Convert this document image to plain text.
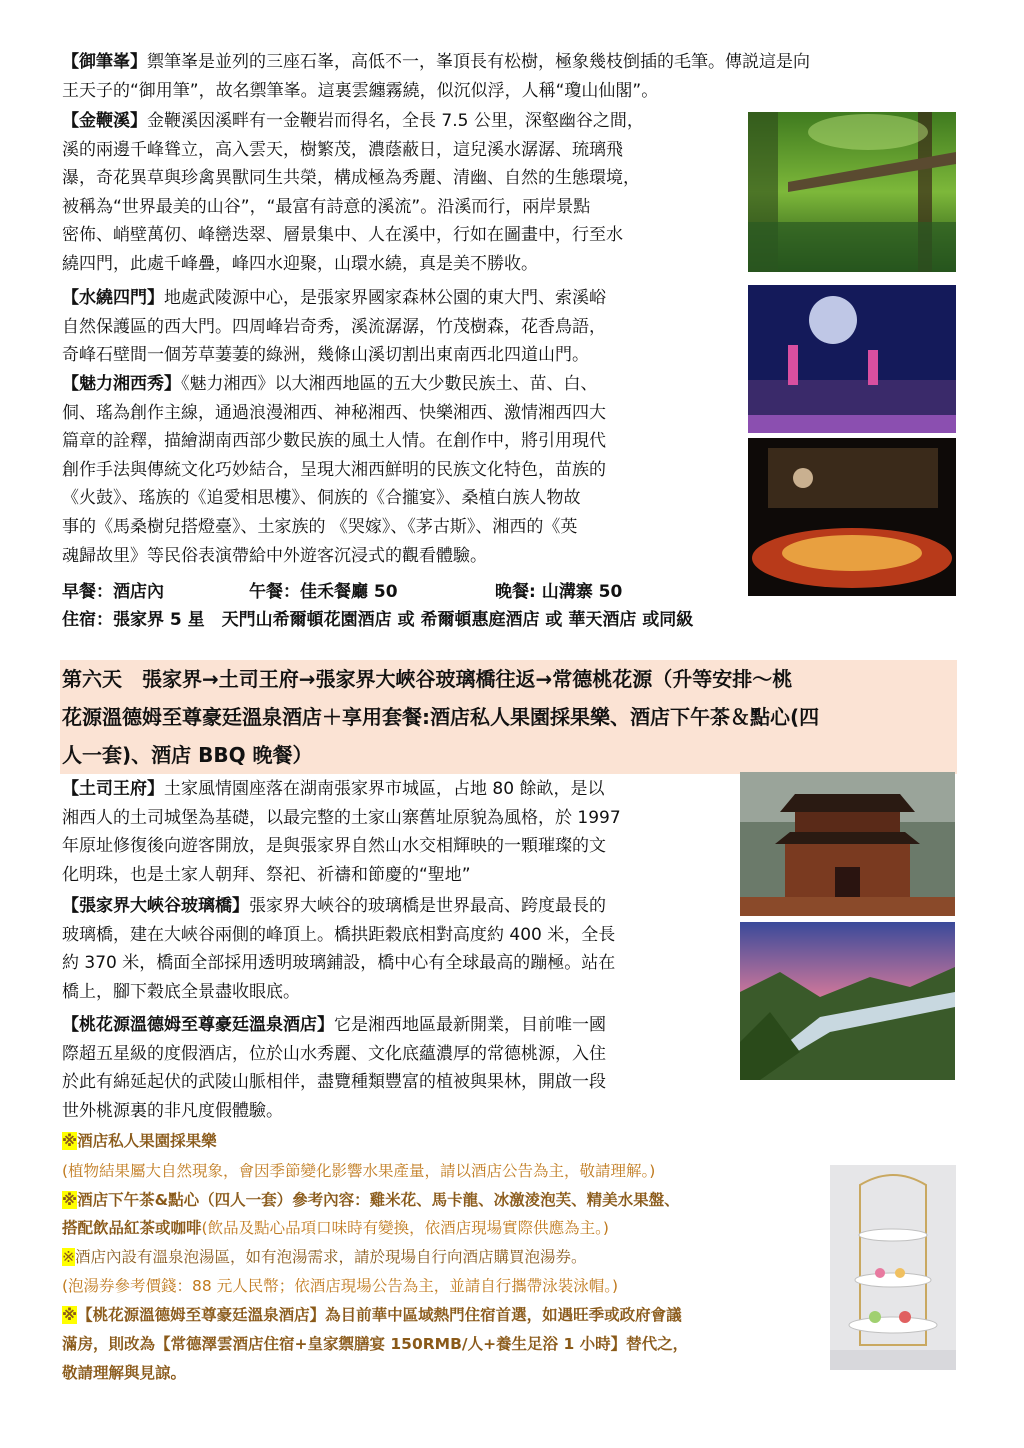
【御筆峯】禦筆峯是並列的三座石峯，高低不一，峯頂長有松樹，極象幾枝倒插的毛筆。傳説這是向
王天子的“御用筆”，故名禦筆峯。這裏雲纏霧繞，似沉似浮，人稱“瓊山仙閣”。
【金鞭溪】金鞭溪因溪畔有一金鞭岩而得名，全長 7.5 公里，深壑幽谷之間，
溪的兩邊千峰聳立，高入雲天，樹繁茂，濃蔭蔽日，這兒溪水潺潺、琉璃飛
瀑，奇花異草與珍禽異獸同生共榮，構成極為秀麗、清幽、自然的生態環境，
被稱為“世界最美的山谷”，“最富有詩意的溪流”。沿溪而行，兩岸景點
密佈、峭壁萬仞、峰巒迭翠、層景集中、人在溪中，行如在圖畫中，行至水
繞四門，此處千峰疊，峰四水迎聚，山環水繞，真是美不勝收。
【水繞四門】地處武陵源中心，是張家界國家森林公園的東大門、索溪峪
自然保護區的西大門。四周峰岩奇秀，溪流潺潺，竹茂樹森，花香鳥語，
奇峰石壁間一個芳草萋萋的綠洲，幾條山溪切割出東南西北四道山門。
【魅力湘西秀】《魅力湘西》以大湘西地區的五大少數民族土、苗、白、
侗、瑤為創作主線，通過浪漫湘西、神秘湘西、快樂湘西、激情湘西四大
篇章的詮釋，描繪湖南西部少數民族的風土人情。在創作中，將引用現代
創作手法與傳統文化巧妙結合，呈現大湘西鮮明的民族文化特色，苗族的
《火鼓》、瑤族的《追愛相思樓》、侗族的《合攏宴》、桑植白族人物故
事的《馬桑樹兒搭燈臺》、土家族的 《哭嫁》、《茅古斯》、湘西的《英
魂歸故里》等民俗表演帶給中外遊客沉浸式的觀看體驗。
早餐：酒店內	午餐：佳禾餐廳 50	晚餐: 山溝寨 50
住宿：張家界 5 星　天門山希爾頓花園酒店 或 希爾頓惠庭酒店 或 華天酒店 或同級
第六天　張家界→土司王府→張家界大峽谷玻璃橋往返→常德桃花源（升等安排～桃
花源溫德姆至尊豪廷溫泉酒店＋享用套餐:酒店私人果園採果樂、酒店下午茶＆點心(四
人一套)、酒店 BBQ 晚餐）
【土司王府】土家風情園座落在湖南張家界市城區，占地 80 餘畝，是以
湘西人的土司城堡為基礎，以最完整的土家山寨舊址原貌為風格，於 1997
年原址修復後向遊客開放，是與張家界自然山水交相輝映的一顆璀璨的文
化明珠，也是土家人朝拜、祭祀、祈禱和節慶的“聖地”
【張家界大峽谷玻璃橋】張家界大峽谷的玻璃橋是世界最高、跨度最長的
玻璃橋，建在大峽谷兩側的峰頂上。橋拱距穀底相對高度約 400 米，全長
約 370 米，橋面全部採用透明玻璃鋪設，橋中心有全球最高的蹦極。站在
橋上，腳下穀底全景盡收眼底。
【桃花源溫德姆至尊豪廷溫泉酒店】它是湘西地區最新開業，目前唯一國
際超五星級的度假酒店，位於山水秀麗、文化底蘊濃厚的常德桃源，入住
於此有綿延起伏的武陵山脈相伴，盡覽種類豐富的植被與果林，開啟一段
世外桃源裏的非凡度假體驗。
※酒店私人果園採果樂
(植物結果屬大自然現象，會因季節變化影響水果產量，請以酒店公告為主，敬請理解。)
※酒店下午茶&點心（四人一套）參考內容：雞米花、馬卡龍、冰激淩泡芙、精美水果盤、
搭配飲品紅茶或咖啡(飲品及點心品項口味時有變換，依酒店現場實際供應為主。)
※酒店內設有溫泉泡湯區，如有泡湯需求，請於現場自行向酒店購買泡湯券。
(泡湯券參考價錢：88 元人民幣；依酒店現場公告為主，並請自行攜帶泳裝泳帽。)
※【桃花源溫德姆至尊豪廷溫泉酒店】為目前華中區域熱門住宿首選，如遇旺季或政府會議
滿房，則改為【常德澤雲酒店住宿+皇家禦膳宴 150RMB/人+養生足浴 1 小時】替代之，
敬請理解與見諒。
